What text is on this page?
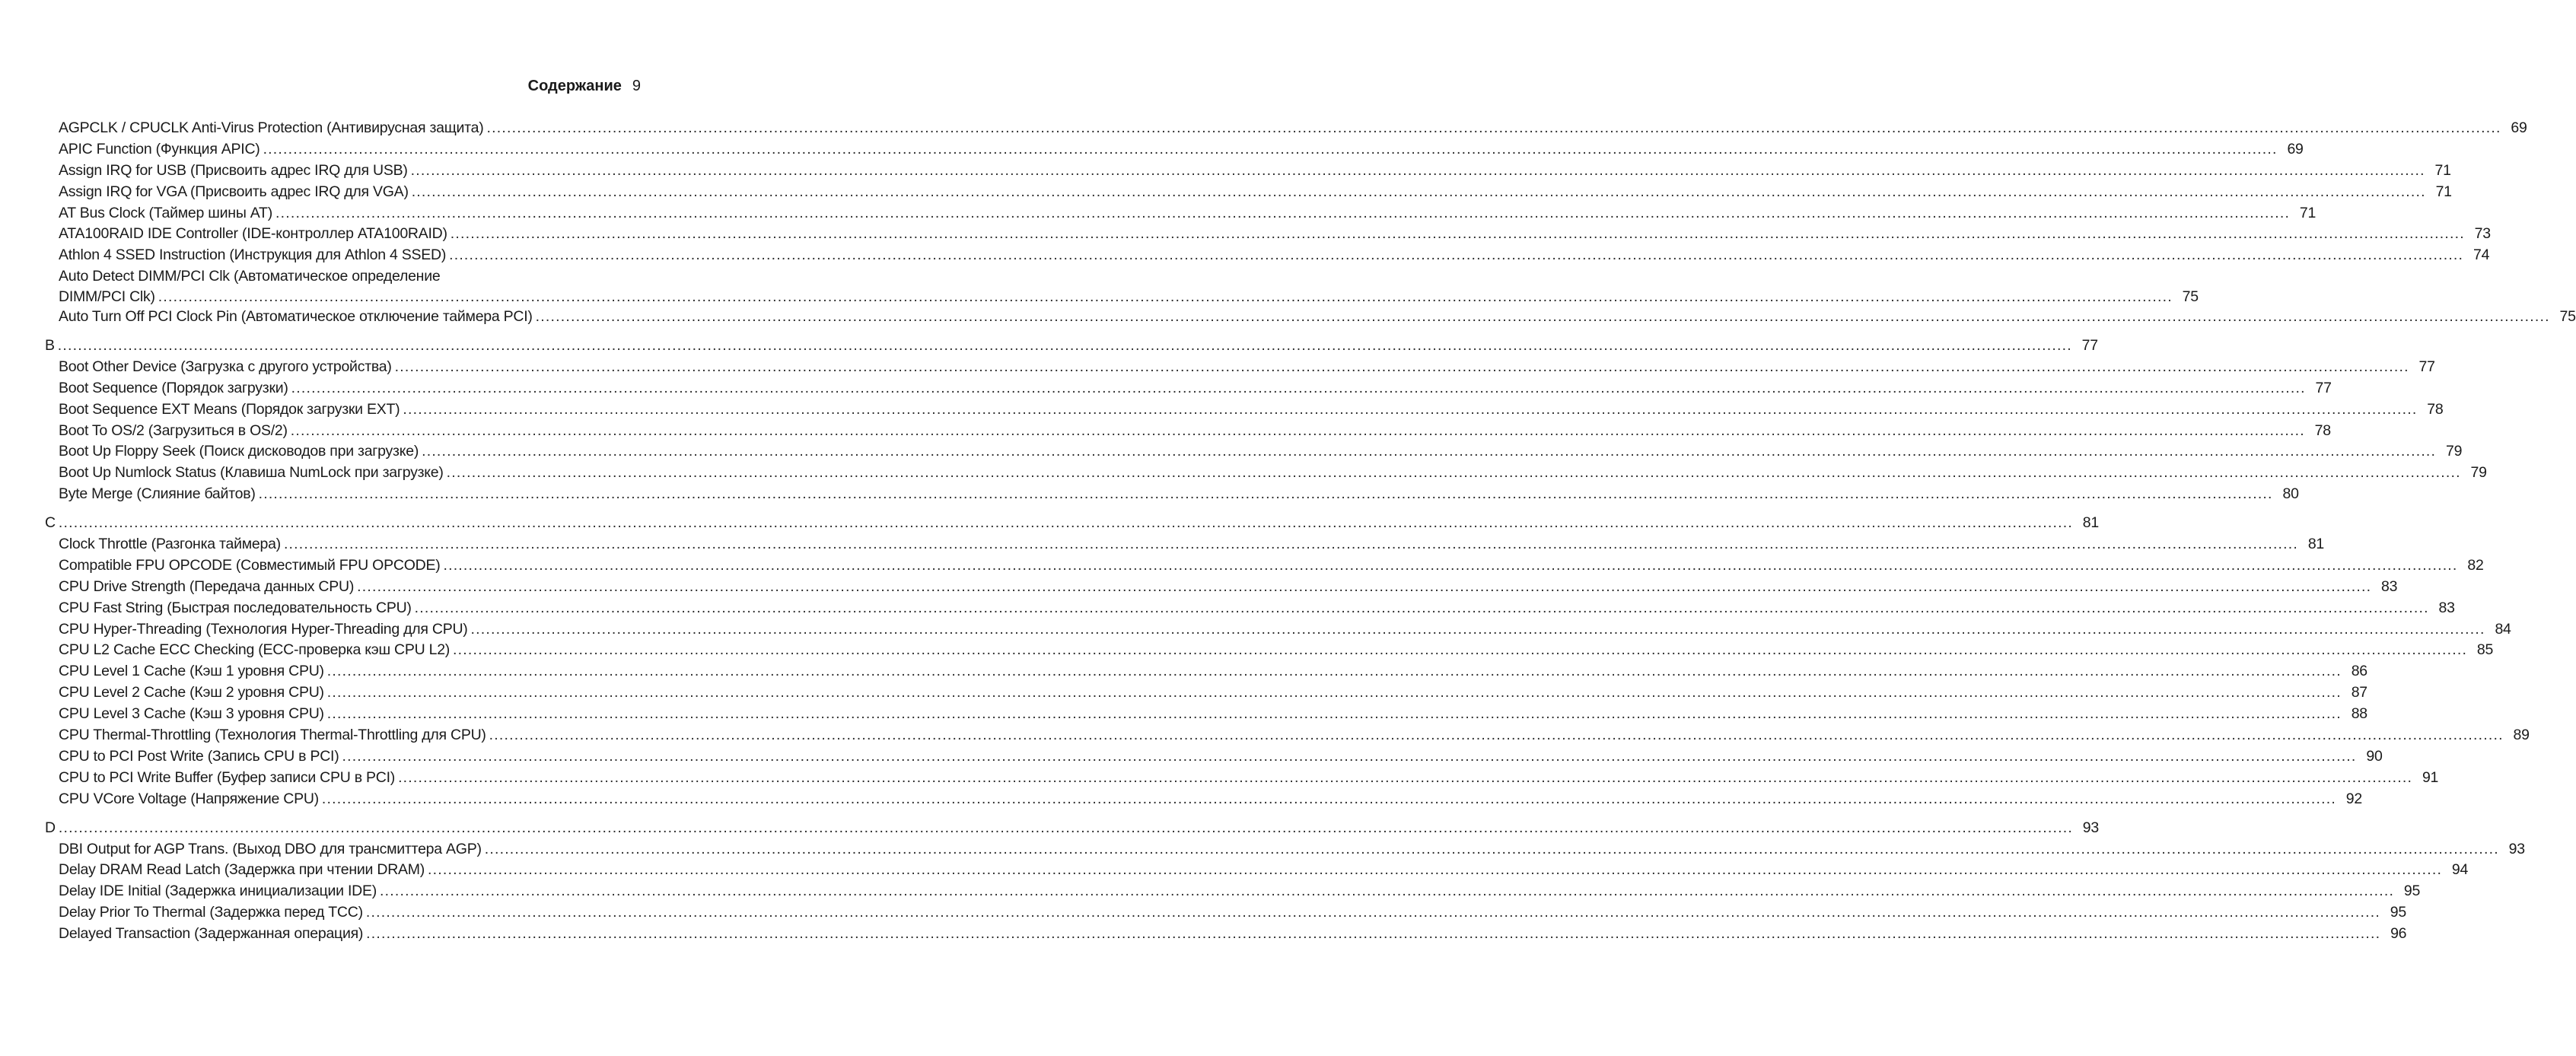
Содержание 9
AGPCLK / CPUCLK Anti-Virus Protection (Антивирусная защита) ................................................................................................................................................................................................................................................................................................................................................................................................................ 69
APIC Function (Функция APIC) ................................................................................................................................................................................................................................................................................................................................................................................................................ 69
Assign IRQ for USB (Присвоить адрес IRQ для USB) ................................................................................................................................................................................................................................................................................................................................................................................................................ 71
Assign IRQ for VGA (Присвоить адрес IRQ для VGA) ................................................................................................................................................................................................................................................................................................................................................................................................................ 71
AT Bus Clock (Таймер шины AT) ................................................................................................................................................................................................................................................................................................................................................................................................................ 71
ATA100RAID IDE Controller (IDE-контроллер ATA100RAID) ................................................................................................................................................................................................................................................................................................................................................................................................................ 73
Athlon 4 SSED Instruction (Инструкция для Athlon 4 SSED) ................................................................................................................................................................................................................................................................................................................................................................................................................ 74
Auto Detect DIMM/PCI Clk (Автоматическое определение
DIMM/PCI Clk) ................................................................................................................................................................................................................................................................................................................................................................................................................ 75
Auto Turn Off PCI Clock Pin (Автоматическое отключение таймера PCI) ................................................................................................................................................................................................................................................................................................................................................................................................................ 75
B ................................................................................................................................................................................................................................................................................................................................................................................................................ 77
Boot Other Device (Загрузка с другого устройства) ................................................................................................................................................................................................................................................................................................................................................................................................................ 77
Boot Sequence (Порядок загрузки) ................................................................................................................................................................................................................................................................................................................................................................................................................ 77
Boot Sequence EXT Means (Порядок загрузки EXT) ................................................................................................................................................................................................................................................................................................................................................................................................................ 78
Boot To OS/2 (Загрузиться в OS/2) ................................................................................................................................................................................................................................................................................................................................................................................................................ 78
Boot Up Floppy Seek (Поиск дисководов при загрузке) ................................................................................................................................................................................................................................................................................................................................................................................................................ 79
Boot Up Numlock Status (Клавиша NumLock при загрузке) ................................................................................................................................................................................................................................................................................................................................................................................................................ 79
Byte Merge (Слияние байтов) ................................................................................................................................................................................................................................................................................................................................................................................................................ 80
C ................................................................................................................................................................................................................................................................................................................................................................................................................ 81
Clock Throttle (Разгонка таймера) ................................................................................................................................................................................................................................................................................................................................................................................................................ 81
Compatible FPU OPCODE (Совместимый FPU OPCODE) ................................................................................................................................................................................................................................................................................................................................................................................................................ 82
CPU Drive Strength (Передача данных CPU) ................................................................................................................................................................................................................................................................................................................................................................................................................ 83
CPU Fast String (Быстрая последовательность CPU) ................................................................................................................................................................................................................................................................................................................................................................................................................ 83
CPU Hyper-Threading (Технология Hyper-Threading для CPU) ................................................................................................................................................................................................................................................................................................................................................................................................................ 84
CPU L2 Cache ECC Checking (ECC-проверка кэш CPU L2) ................................................................................................................................................................................................................................................................................................................................................................................................................ 85
CPU Level 1 Cache (Кэш 1 уровня CPU) ................................................................................................................................................................................................................................................................................................................................................................................................................ 86
CPU Level 2 Cache (Кэш 2 уровня CPU) ................................................................................................................................................................................................................................................................................................................................................................................................................ 87
CPU Level 3 Cache (Кэш 3 уровня CPU) ................................................................................................................................................................................................................................................................................................................................................................................................................ 88
CPU Thermal-Throttling (Технология Thermal-Throttling для CPU) ................................................................................................................................................................................................................................................................................................................................................................................................................ 89
CPU to PCI Post Write (Запись CPU в PCI) ................................................................................................................................................................................................................................................................................................................................................................................................................ 90
CPU to PCI Write Buffer (Буфер записи CPU в PCI) ................................................................................................................................................................................................................................................................................................................................................................................................................ 91
CPU VCore Voltage (Напряжение CPU) ................................................................................................................................................................................................................................................................................................................................................................................................................ 92
D ................................................................................................................................................................................................................................................................................................................................................................................................................ 93
DBI Output for AGP Trans. (Выход DBO для трансмиттера AGP) ................................................................................................................................................................................................................................................................................................................................................................................................................ 93
Delay DRAM Read Latch (Задержка при чтении DRAM) ................................................................................................................................................................................................................................................................................................................................................................................................................ 94
Delay IDE Initial (Задержка инициализации IDE) ................................................................................................................................................................................................................................................................................................................................................................................................................ 95
Delay Prior To Thermal (Задержка перед TCC) ................................................................................................................................................................................................................................................................................................................................................................................................................ 95
Delayed Transaction (Задержанная операция) ................................................................................................................................................................................................................................................................................................................................................................................................................ 96
